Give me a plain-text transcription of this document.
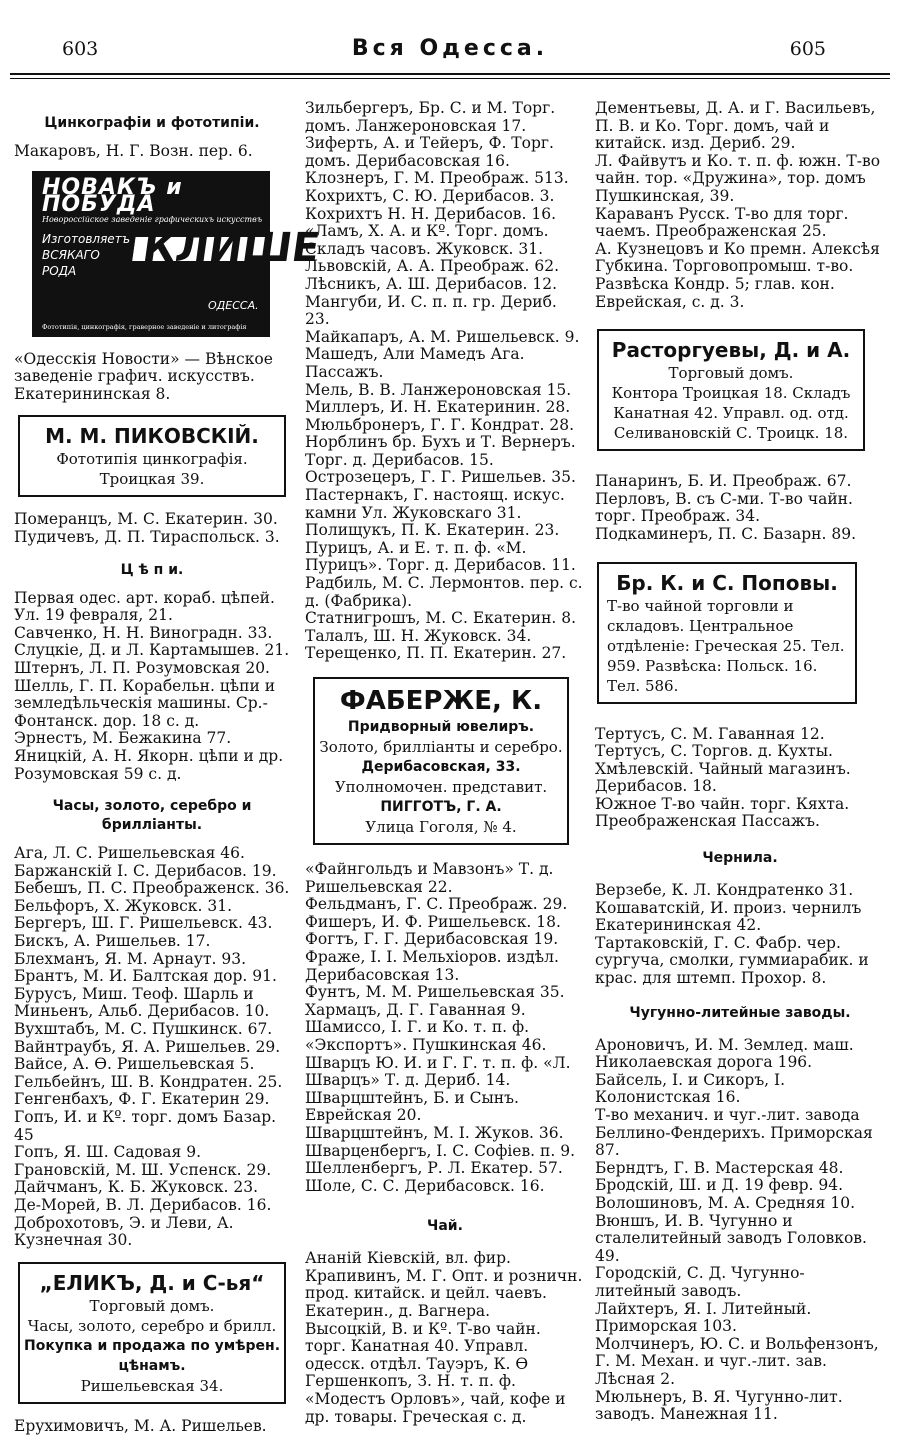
603	Вся Одесса.	605
Цинкографіи и фототипіи.
Макаровъ, Н. Г. Возн. пер. 6.
НОВАКЪ и ПОБУДА
Новороссійское заведеніе графическихъ искусствъ
Изготовляетъ
ВСЯКАГО
РОДА	КЛИШЕ
ОДЕССА.
Фототипія, цинкографія, граверное заведеніе и литографія
«Одесскія Новости» — Вѣнское заведеніе графич. искусствъ. Екатерининская 8.
М. М. ПИКОВСКІЙ.
Фототипія цинкографія.
Троицкая 39.
Померанцъ, М. С. Екатерин. 30.
Пудичевъ, Д. П. Тираспольск. 3.
Ц ѣ п и.
Первая одес. арт. кораб. цѣпей. Ул. 19 февраля, 21.
Савченко, Н. Н. Виноградн. 33.
Слуцкіе, Д. и Л. Картамышев. 21.
Штернъ, Л. П. Розумовская 20.
Шелль, Г. П. Корабельн. цѣпи и земледѣльческія машины. Ср.-Фонтанск. дор. 18 с. д.
Эрнестъ, М. Бежакина 77.
Яницкій, А. Н. Якорн. цѣпи и др. Розумовская 59 с. д.
Часы, золото, серебро и бриллiанты.
Ага, Л. С. Ришельевская 46.
Баржанскій І. С. Дерибасов. 19.
Бебешъ, П. С. Преображенск. 36.
Бельфоръ, Х. Жуковск. 31.
Бергеръ, Ш. Г. Ришельевск. 43.
Бискъ, А. Ришельев. 17.
Блехманъ, Я. М. Арнаут. 93.
Брантъ, М. И. Балтская дор. 91.
Бурусъ, Миш. Теоф. Шарль и Миньенъ, Альб. Дерибасов. 10.
Вухштабъ, М. С. Пушкинск. 67.
Вайнтраубъ, Я. А. Ришельев. 29.
Вайсе, А. Ѳ. Ришельевская 5.
Гельбейнъ, Ш. В. Кондратен. 25.
Генгенбахъ, Ф. Г. Екатерин 29.
Гопъ, И. и Кº. торг. домъ Базар. 45
Гопъ, Я. Ш. Садовая 9.
Грановскій, М. Ш. Успенск. 29.
Дайчманъ, К. Б. Жуковск. 23.
Де-Морей, В. Л. Дерибасов. 16.
Доброхотовъ, Э. и Леви, А. Кузнечная 30.
„ЕЛИКЪ, Д. и С-ья“
Торговый домъ.
Часы, золото, серебро и брилл.
Покупка и продажа по умѣрен. цѣнамъ.
Ришельевская 34.
Ерухимовичъ, М. А. Ришельев.
Зильбергеръ, Бр. С. и М. Торг. домъ. Ланжероновская 17.
Зиферть, А. и Тейеръ, Ф. Торг. домъ. Дерибасовская 16.
Клознеръ, Г. М. Преображ. 513.
Кохрихтъ, С. Ю. Дерибасов. 3.
Кохрихтъ Н. Н. Дерибасов. 16.
«Ламъ, Х. А. и Кº. Торг. домъ. Складъ часовъ. Жуковск. 31.
Львовскій, А. А. Преображ. 62.
Лѣсникъ, А. Ш. Дерибасов. 12.
Мангуби, И. С. п. п. гр. Дериб. 23.
Майкапаръ, А. М. Ришельевск. 9.
Машедъ, Али Мамедъ Ага. Пассажъ.
Мель, В. В. Ланжероновская 15.
Миллеръ, И. Н. Екатеринин. 28.
Мюльбронеръ, Г. Г. Кондрат. 28.
Норблинъ бр. Бухъ и Т. Вернеръ. Торг. д. Дерибасов. 15.
Острозецеръ, Г. Г. Ришельев. 35.
Пастернакъ, Г. настоящ. искус. камни Ул. Жуковскаго 31.
Полищукъ, П. К. Екатерин. 23.
Пурицъ, А. и Е. т. п. ф. «М. Пурицъ». Торг. д. Дерибасов. 11.
Радбиль, М. С. Лермонтов. пер. с. д. (Фабрика).
Статнигрошъ, М. С. Екатерин. 8.
Талалъ, Ш. Н. Жуковск. 34.
Терещенко, П. П. Екатерин. 27.
ФАБЕРЖЕ, К.
Придворный ювелиръ.
Золото, бриллiанты и серебро.
Дерибасовская, 33.
Уполномочен. представит.
ПИГГОТЪ, Г. А.
Улица Гоголя, № 4.
«Файнгольдъ и Мавзонъ» Т. д. Ришельевская 22.
Фельдманъ, Г. С. Преображ. 29.
Фишеръ, И. Ф. Ришельевск. 18.
Фогтъ, Г. Г. Дерибасовская 19.
Фраже, І. І. Мельхіоров. издѣл. Дерибасовская 13.
Фунтъ, М. М. Ришельевская 35.
Хармацъ, Д. Г. Гаванная 9.
Шамиссо, І. Г. и Ко. т. п. ф. «Экспортъ». Пушкинская 46.
Шварцъ Ю. И. и Г. Г. т. п. ф. «Л. Шварцъ» Т. д. Дериб. 14.
Шварцштейнъ, Б. и Сынъ. Еврейская 20.
Шварцштейнъ, М. І. Жуков. 36.
Шварценбергъ, І. С. Софіев. п. 9.
Шелленбергъ, Р. Л. Екатер. 57.
Шоле, С. С. Дерибасовск. 16.
Чай.
Ананій Кіевскій, вл. фир. Крапивинъ, М. Г. Опт. и розничн. прод. китайск. и цейл. чаевъ. Екатерин., д. Вагнера.
Высоцкій, В. и Кº. Т-во чайн. торг. Канатная 40. Управл. одесск. отдѣл. Тауэръ, К. Ѳ
Гершенкопъ, З. Н. т. п. ф. «Модестъ Орловъ», чай, кофе и др. товары. Греческая с. д.
Дементьевы, Д. А. и Г. Васильевъ, П. В. и Ко. Торг. домъ, чай и китайск. изд. Дериб. 29.
Л. Файвутъ и Ко. т. п. ф. южн. Т-во чайн. тор. «Дружина», тор. домъ Пушкинская, 39.
Караванъ Русск. Т-во для торг. чаемъ. Преображенская 25.
А. Кузнецовъ и Ко премн. Алексѣя Губкина. Торговопромыш. т-во. Развѣска Кондр. 5; глав. кон. Еврейская, с. д. 3.
Расторгуевы, Д. и А.
Торговый домъ.
Контора Троицкая 18. Складъ
Канатная 42. Управл. од. отд.
Селивановскій С. Троицк. 18.
Панаринъ, Б. И. Преображ. 67.
Перловъ, В. съ С-ми. Т-во чайн. торг. Преображ. 34.
Подкаминеръ, П. С. Базарн. 89.
Бр. К. и С. Поповы.
Т-во чайной торговли и складовъ. Центральное отдѣленіе: Греческая 25. Тел. 959. Развѣска: Польск. 16. Тел. 586.
Тертусъ, С. М. Гаванная 12.
Тертусъ, С. Торгов. д. Кухты.
Хмѣлевскій. Чайный магазинъ. Дерибасов. 18.
Южное Т-во чайн. торг. Кяхта. Преображенская Пассажъ.
Чернила.
Верзебе, К. Л. Кондратенко 31.
Кошаватскій, И. произ. чернилъ Екатерининская 42.
Тартаковскій, Г. С. Фабр. чер. сургуча, смолки, гуммиарабик. и крас. для штемп. Прохор. 8.
Чугунно-литейные заводы.
Ароновичъ, И. М. Землед. маш. Николаевская дорога 196.
Байсель, І. и Сикоръ, І. Колонистская 16.
Т-во механич. и чуг.-лит. завода Беллино-Фендерихъ. Приморская 87.
Берндтъ, Г. В. Мастерская 48.
Бродскій, Ш. и Д. 19 февр. 94.
Волошиновъ, М. А. Средняя 10.
Вюншъ, И. В. Чугунно и сталелитейный заводъ Головков. 49.
Городскій, С. Д. Чугунно-литейный заводъ.
Лайхтеръ, Я. І. Литейный. Приморская 103.
Молчинеръ, Ю. С. и Вольфензонъ, Г. М. Механ. и чуг.-лит. зав. Лѣсная 2.
Мюльнеръ, В. Я. Чугунно-лит. заводъ. Манежная 11.
